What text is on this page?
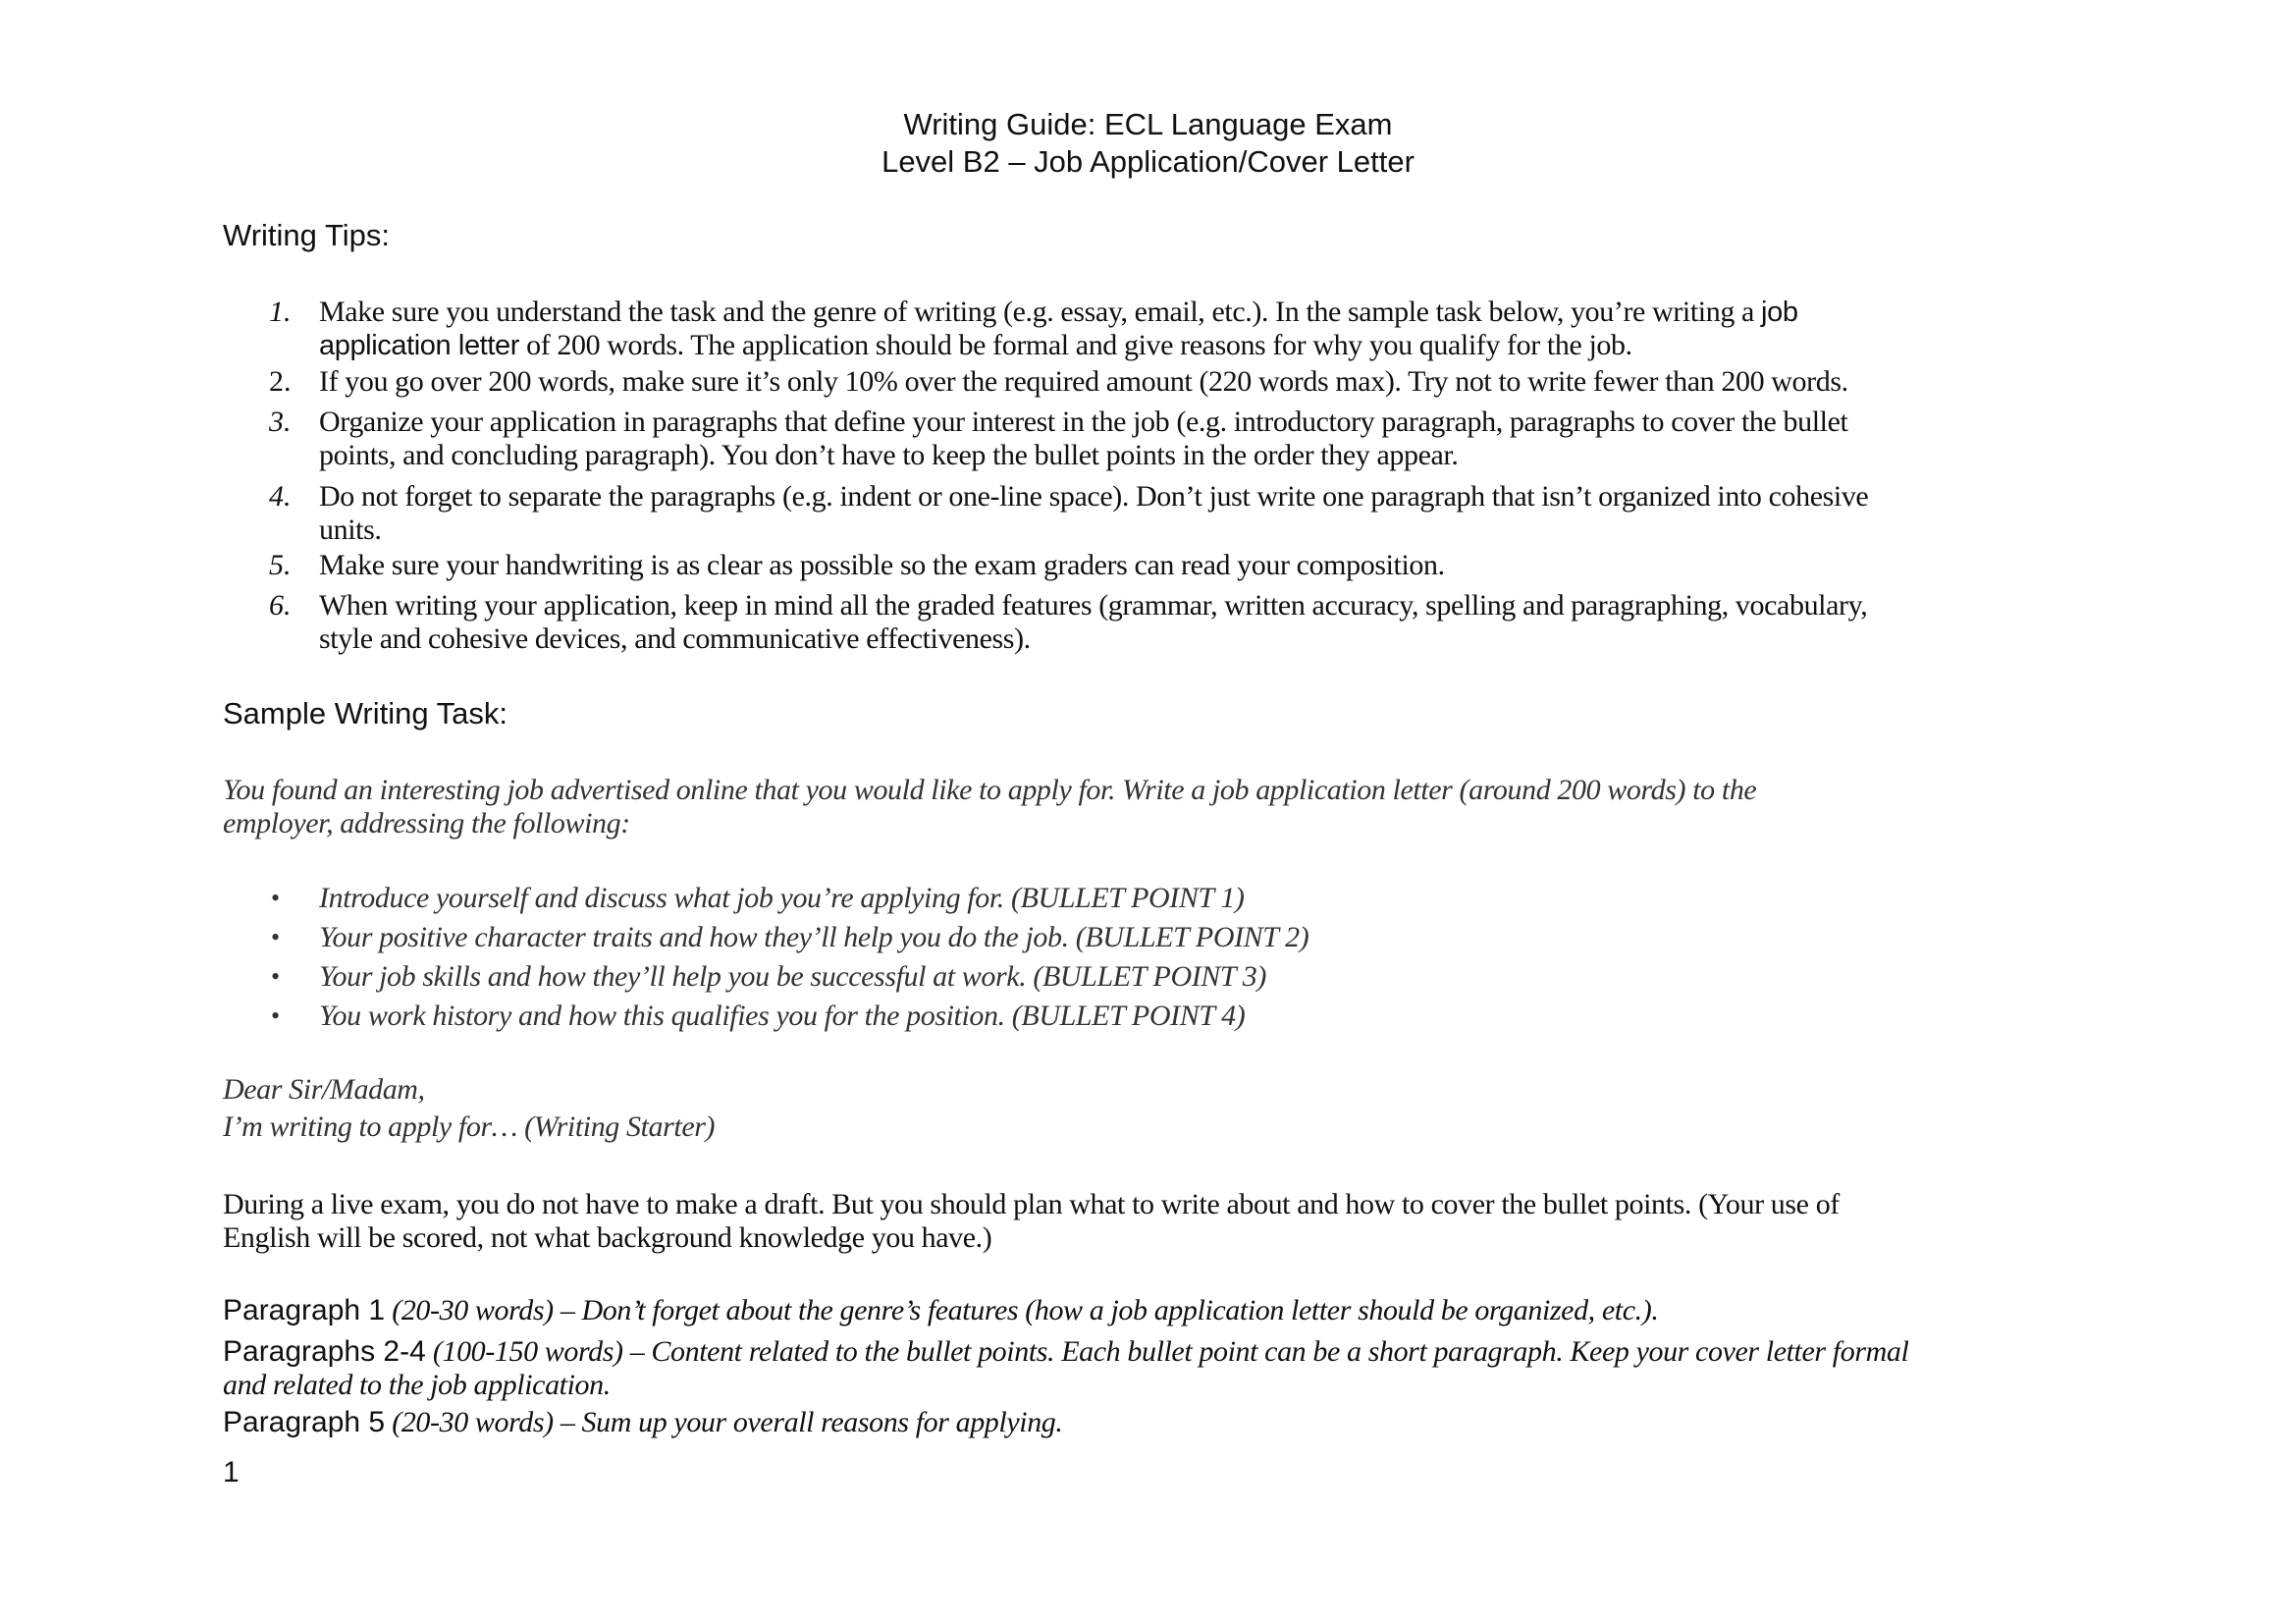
Writing Guide: ECL Language Exam
Level B2 – Job Application/Cover Letter
Writing Tips:
1. Make sure you understand the task and the genre of writing (e.g. essay, email, etc.). In the sample task below, you’re writing a job
application letter of 200 words. The application should be formal and give reasons for why you qualify for the job.
2. If you go over 200 words, make sure it’s only 10% over the required amount (220 words max). Try not to write fewer than 200 words.
3. Organize your application in paragraphs that define your interest in the job (e.g. introductory paragraph, paragraphs to cover the bullet
points, and concluding paragraph). You don’t have to keep the bullet points in the order they appear.
4. Do not forget to separate the paragraphs (e.g. indent or one-line space). Don’t just write one paragraph that isn’t organized into cohesive
units.
5. Make sure your handwriting is as clear as possible so the exam graders can read your composition.
6. When writing your application, keep in mind all the graded features (grammar, written accuracy, spelling and paragraphing, vocabulary,
style and cohesive devices, and communicative effectiveness).
Sample Writing Task:
You found an interesting job advertised online that you would like to apply for. Write a job application letter (around 200 words) to the
employer, addressing the following:
• Introduce yourself and discuss what job you’re applying for. (BULLET POINT 1)
• Your positive character traits and how they’ll help you do the job. (BULLET POINT 2)
• Your job skills and how they’ll help you be successful at work. (BULLET POINT 3)
• You work history and how this qualifies you for the position. (BULLET POINT 4)
Dear Sir/Madam,
I’m writing to apply for… (Writing Starter)
During a live exam, you do not have to make a draft. But you should plan what to write about and how to cover the bullet points. (Your use of
English will be scored, not what background knowledge you have.)
Paragraph 1 (20-30 words) – Don’t forget about the genre’s features (how a job application letter should be organized, etc.).
Paragraphs 2-4 (100-150 words) – Content related to the bullet points. Each bullet point can be a short paragraph. Keep your cover letter formal
and related to the job application.
Paragraph 5 (20-30 words) – Sum up your overall reasons for applying.
1
